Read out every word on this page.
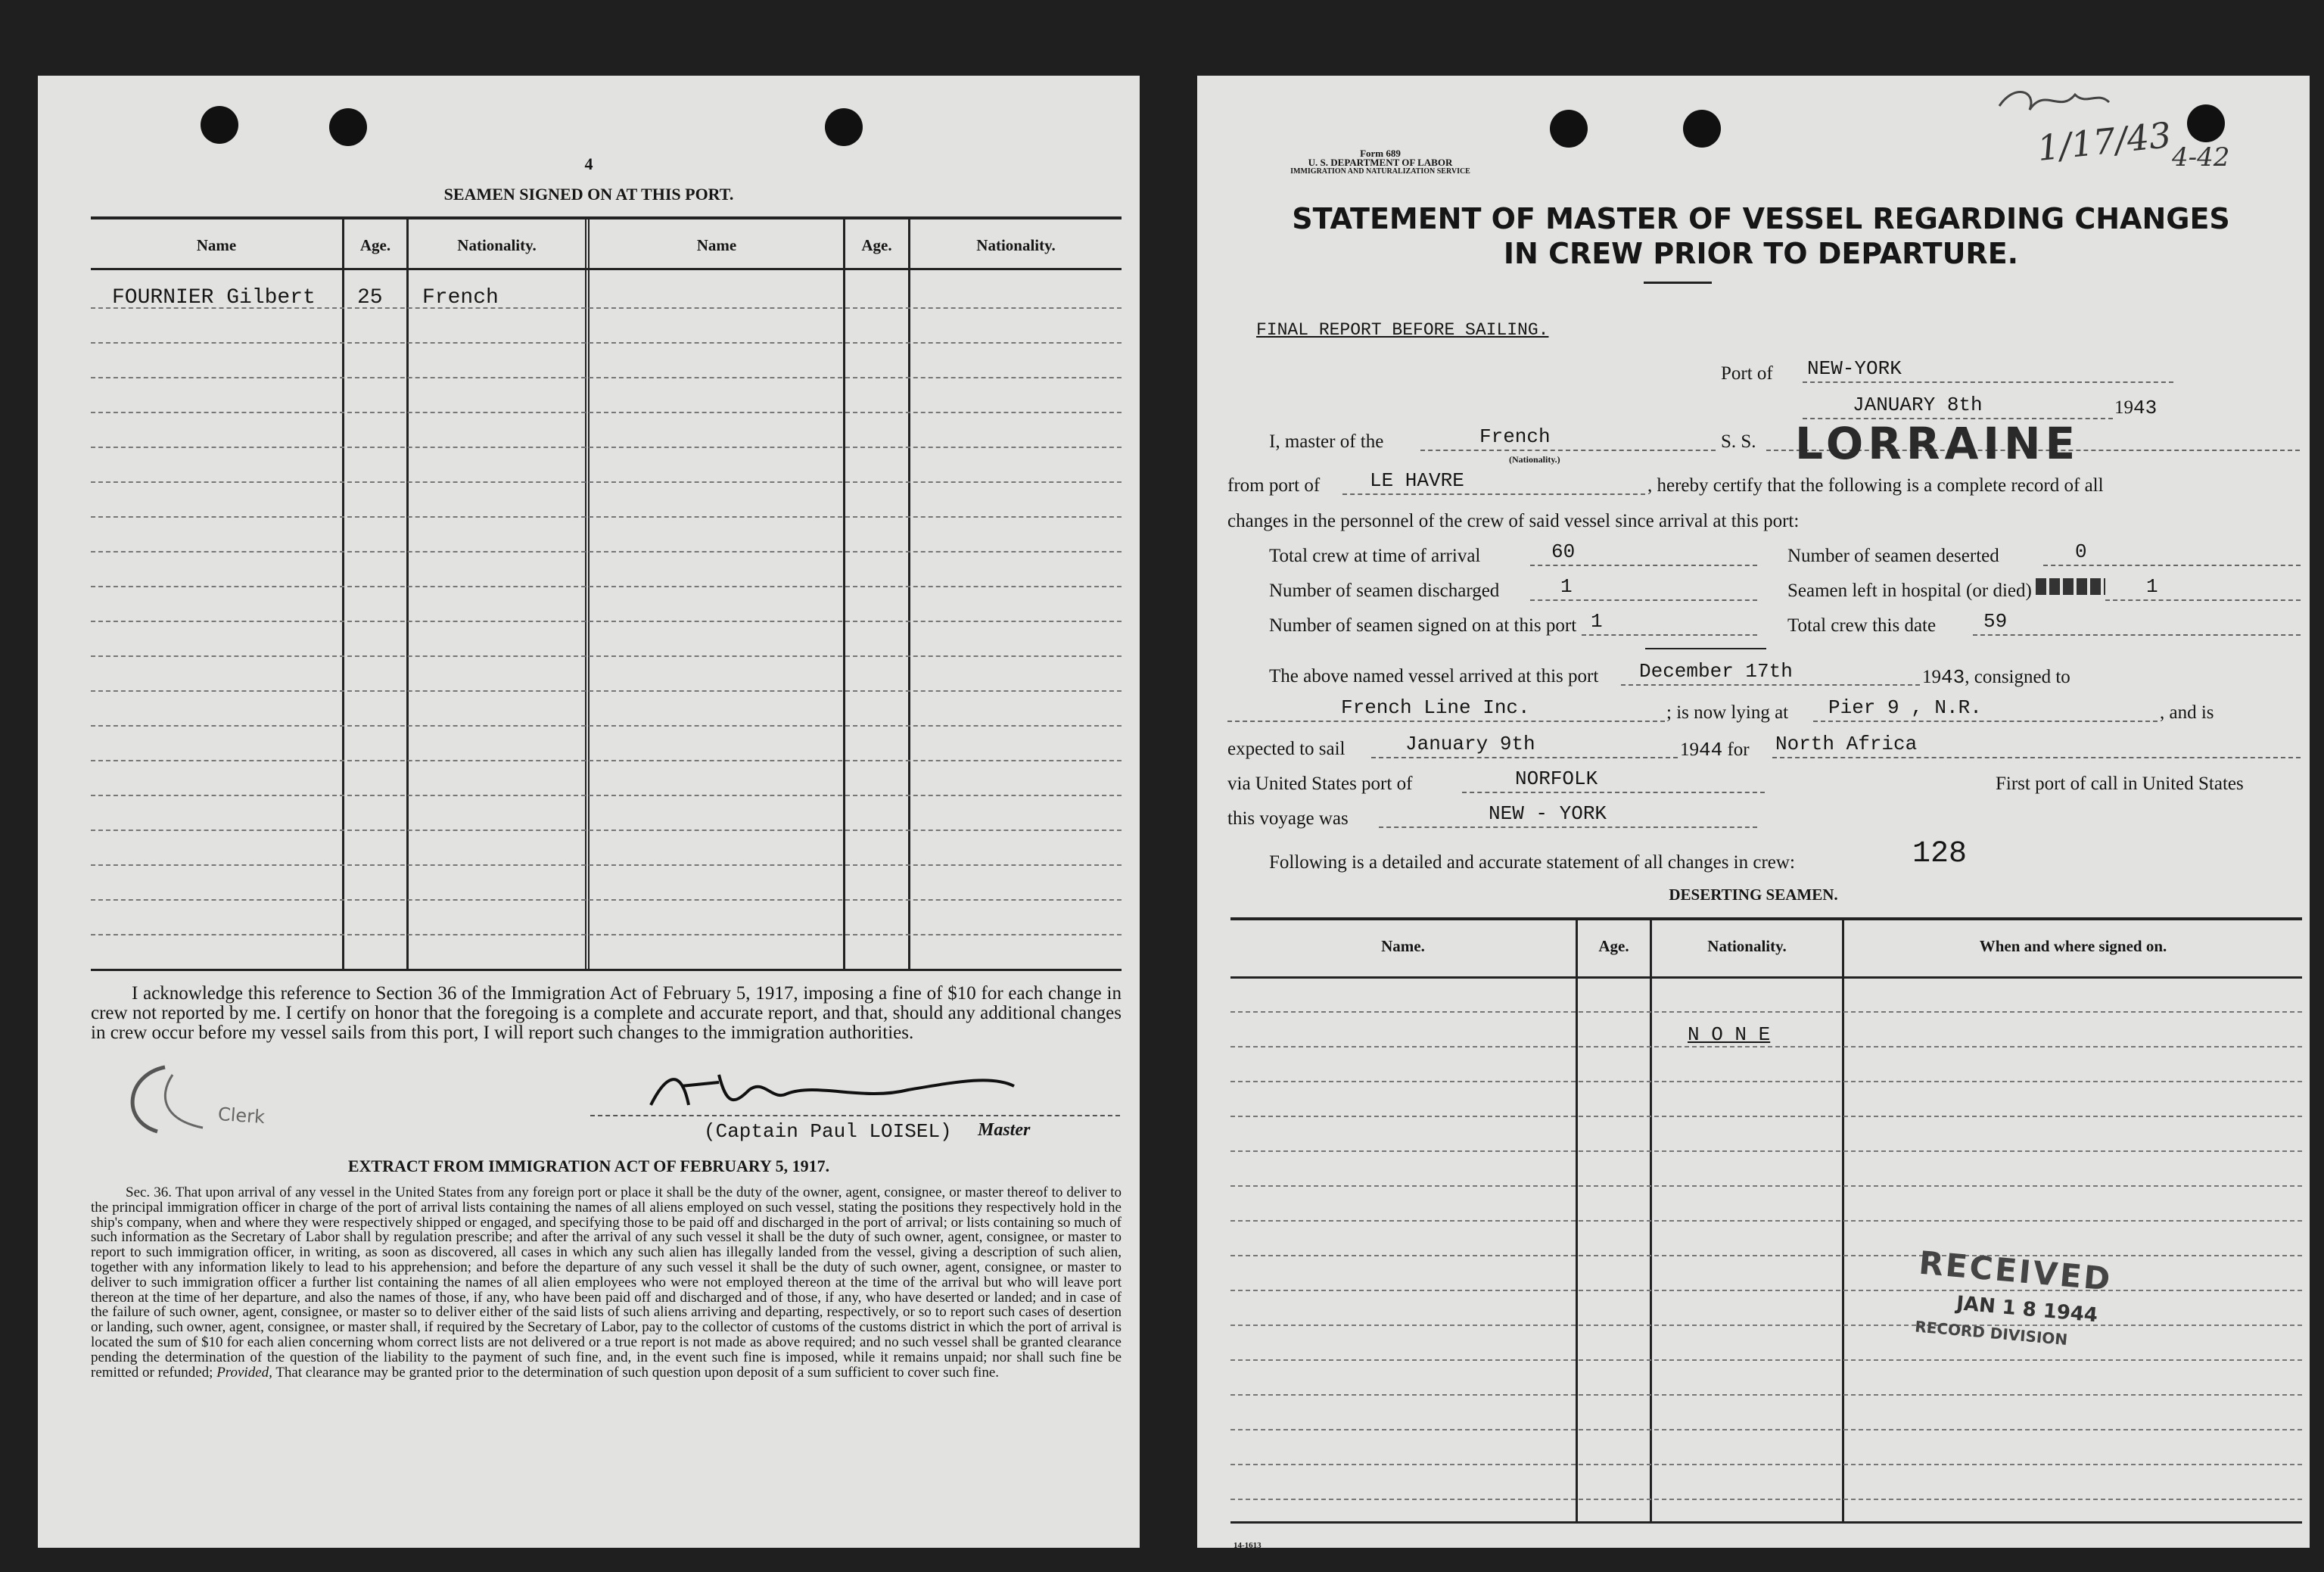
4
SEAMEN SIGNED ON AT THIS PORT.
Name	Age.	Nationality.	Name	Age.	Nationality.
FOURNIER Gilbert 25 French
I acknowledge this reference to Section 36 of the Immigration Act of February 5, 1917, imposing a fine of $10 for each change in crew not reported by me. I certify on honor that the foregoing is a complete and accurate report, and that, should any additional changes in crew occur before my vessel sails from this port, I will report such changes to the immigration authorities.
Clerk
(Captain Paul LOISEL) Master
EXTRACT FROM IMMIGRATION ACT OF FEBRUARY 5, 1917.
Sec. 36. That upon arrival of any vessel in the United States from any foreign port or place it shall be the duty of the owner, agent, consignee, or master thereof to deliver to the principal immigration officer in charge of the port of arrival lists containing the names of all aliens employed on such vessel, stating the positions they respectively hold in the ship's company, when and where they were respectively shipped or engaged, and specifying those to be paid off and discharged in the port of arrival; or lists containing so much of such information as the Secretary of Labor shall by regulation prescribe; and after the arrival of any such vessel it shall be the duty of such owner, agent, consignee, or master to report to such immigration officer, in writing, as soon as discovered, all cases in which any such alien has illegally landed from the vessel, giving a description of such alien, together with any information likely to lead to his apprehension; and before the departure of any such vessel it shall be the duty of such owner, agent, consignee, or master to deliver to such immigration officer a further list containing the names of all alien employees who were not employed thereon at the time of the arrival but who will leave port thereon at the time of her departure, and also the names of those, if any, who have been paid off and discharged and of those, if any, who have deserted or landed; and in case of the failure of such owner, agent, consignee, or master so to deliver either of the said lists of such aliens arriving and departing, respectively, or so to report such cases of desertion or landing, such owner, agent, consignee, or master shall, if required by the Secretary of Labor, pay to the collector of customs of the customs district in which the port of arrival is located the sum of $10 for each alien concerning whom correct lists are not delivered or a true report is not made as above required; and no such vessel shall be granted clearance pending the determination of the question of the liability to the payment of such fine, and, in the event such fine is imposed, while it remains unpaid; nor shall such fine be remitted or refunded; Provided, That clearance may be granted prior to the determination of such question upon deposit of a sum sufficient to cover such fine.
1/17/43
4-42
Form 689
U. S. DEPARTMENT OF LABOR
IMMIGRATION AND NATURALIZATION SERVICE
STATEMENT OF MASTER OF VESSEL REGARDING CHANGES
IN CREW PRIOR TO DEPARTURE.
FINAL REPORT BEFORE SAILING.
Port of NEW-YORK
JANUARY 8th	1943
I, master of the	French
(Nationality.)
S. S. LORRAINE
from port of	LE HAVRE	, hereby certify that the following is a complete record of all
changes in the personnel of the crew of said vessel since arrival at this port:
Total crew at time of arrival	60	Number of seamen deserted	0
Number of seamen discharged	1	Seamen left in hospital (or died)	1
Number of seamen signed on at this port 1	Total crew this date	59
The above named vessel arrived at this port	December 17th	1943, consigned to
French Line Inc.	; is now lying at	Pier 9 , N.R.	, and is
expected to sail	January 9th	1944 for North Africa
via United States port of	NORFOLK	First port of call in United States
this voyage was	NEW - YORK
Following is a detailed and accurate statement of all changes in crew:	128
DESERTING SEAMEN.
Name.	Age.	Nationality.	When and where signed on.
N O N E
RECEIVED
JAN 1 8 1944
RECORD DIVISION
14-1613
